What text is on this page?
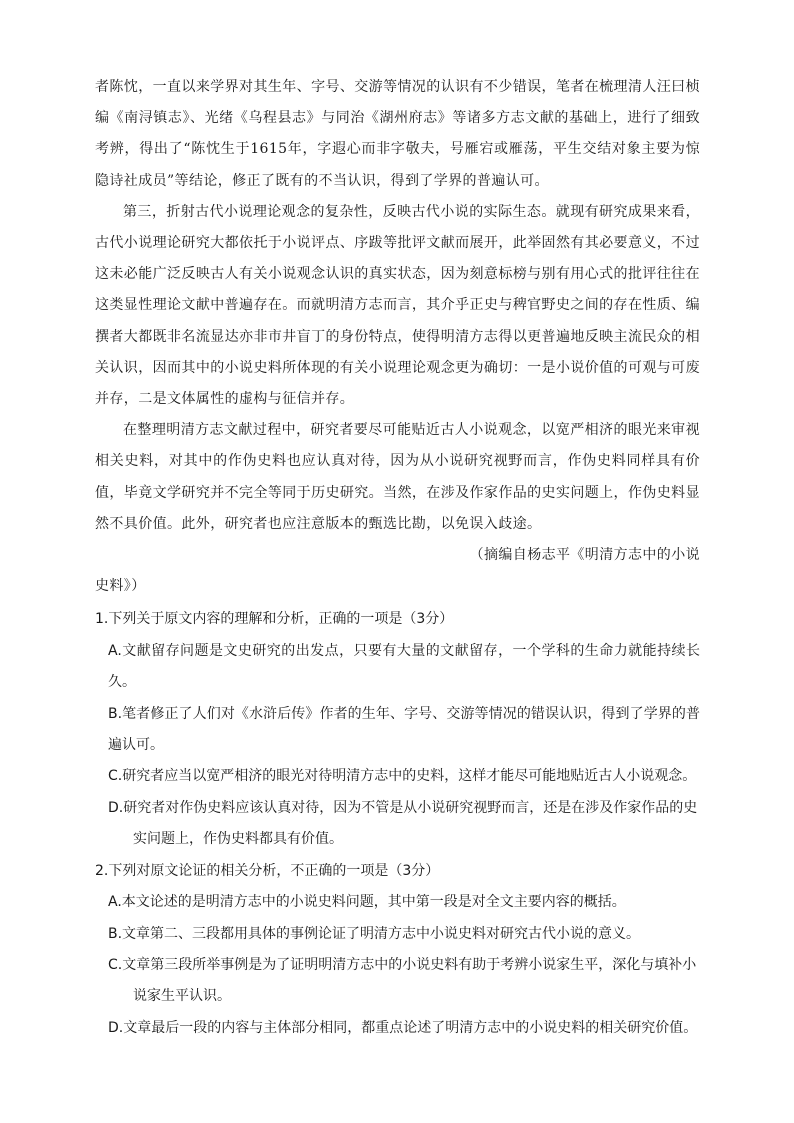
者陈忱，一直以来学界对其生年、字号、交游等情况的认识有不少错误，笔者在梳理清人汪曰桢编《南浔镇志》、光绪《乌程县志》与同治《湖州府志》等诸多方志文献的基础上，进行了细致考辨，得出了“陈忱生于1615年，字遐心而非字敬夫，号雁宕或雁荡，平生交结对象主要为惊隐诗社成员”等结论，修正了既有的不当认识，得到了学界的普遍认可。

第三，折射古代小说理论观念的复杂性，反映古代小说的实际生态。就现有研究成果来看，古代小说理论研究大都依托于小说评点、序跋等批评文献而展开，此举固然有其必要意义，不过这未必能广泛反映古人有关小说观念认识的真实状态，因为刻意标榜与别有用心式的批评往往在这类显性理论文献中普遍存在。而就明清方志而言，其介乎正史与稗官野史之间的存在性质、编撰者大都既非名流显达亦非市井盲丁的身份特点，使得明清方志得以更普遍地反映主流民众的相关认识，因而其中的小说史料所体现的有关小说理论观念更为确切：一是小说价值的可观与可废并存，二是文体属性的虚构与征信并存。

在整理明清方志文献过程中，研究者要尽可能贴近古人小说观念，以宽严相济的眼光来审视相关史料，对其中的作伪史料也应认真对待，因为从小说研究视野而言，作伪史料同样具有价值，毕竟文学研究并不完全等同于历史研究。当然，在涉及作家作品的史实问题上，作伪史料显然不具价值。此外，研究者也应注意版本的甄选比勘，以免误入歧途。

（摘编自杨志平《明清方志中的小说
史料》）

1.下列关于原文内容的理解和分析，正确的一项是（3分）

A.文献留存问题是文史研究的出发点，只要有大量的文献留存，一个学科的生命力就能持续长久。

B.笔者修正了人们对《水浒后传》作者的生年、字号、交游等情况的错误认识，得到了学界的普遍认可。

C.研究者应当以宽严相济的眼光对待明清方志中的史料，这样才能尽可能地贴近古人小说观念。

D.研究者对作伪史料应该认真对待，因为不管是从小说研究视野而言，还是在涉及作家作品的史实问题上，作伪史料都具有价值。

2.下列对原文论证的相关分析，不正确的一项是（3分）

A.本文论述的是明清方志中的小说史料问题，其中第一段是对全文主要内容的概括。

B.文章第二、三段都用具体的事例论证了明清方志中小说史料对研究古代小说的意义。

C.文章第三段所举事例是为了证明明清方志中的小说史料有助于考辨小说家生平，深化与填补小说家生平认识。

D.文章最后一段的内容与主体部分相同，都重点论述了明清方志中的小说史料的相关研究价值。
